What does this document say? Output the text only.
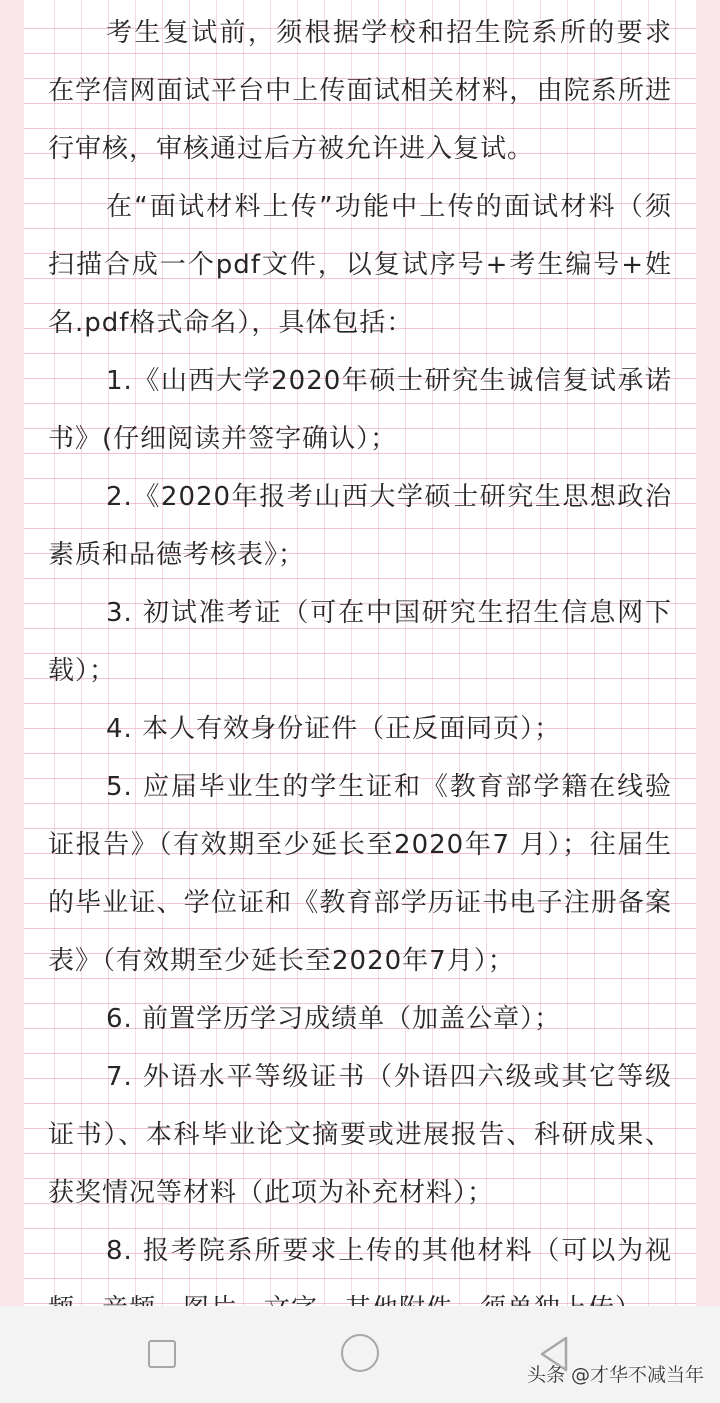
考生复试前，须根据学校和招生院系所的要求在学信网面试平台中上传面试相关材料，由院系所进行审核，审核通过后方被允许进入复试。

在“面试材料上传”功能中上传的面试材料（须扫描合成一个pdf文件，以复试序号+考生编号+姓名.pdf格式命名），具体包括：

1.《山西大学2020年硕士研究生诚信复试承诺书》(仔细阅读并签字确认）；

2.《2020年报考山西大学硕士研究生思想政治素质和品德考核表》；

3. 初试准考证（可在中国研究生招生信息网下载）；

4. 本人有效身份证件（正反面同页）；

5. 应届毕业生的学生证和《教育部学籍在线验证报告》（有效期至少延长至2020年7 月）；往届生的毕业证、学位证和《教育部学历证书电子注册备案 表》（有效期至少延长至2020年7月）；

6. 前置学历学习成绩单（加盖公章）；

7. 外语水平等级证书（外语四六级或其它等级证书）、本科毕业论文摘要或进展报告、科研成果、获奖情况等材料（此项为补充材料）；

8. 报考院系所要求上传的其他材料（可以为视

头条 @才华不减当年
